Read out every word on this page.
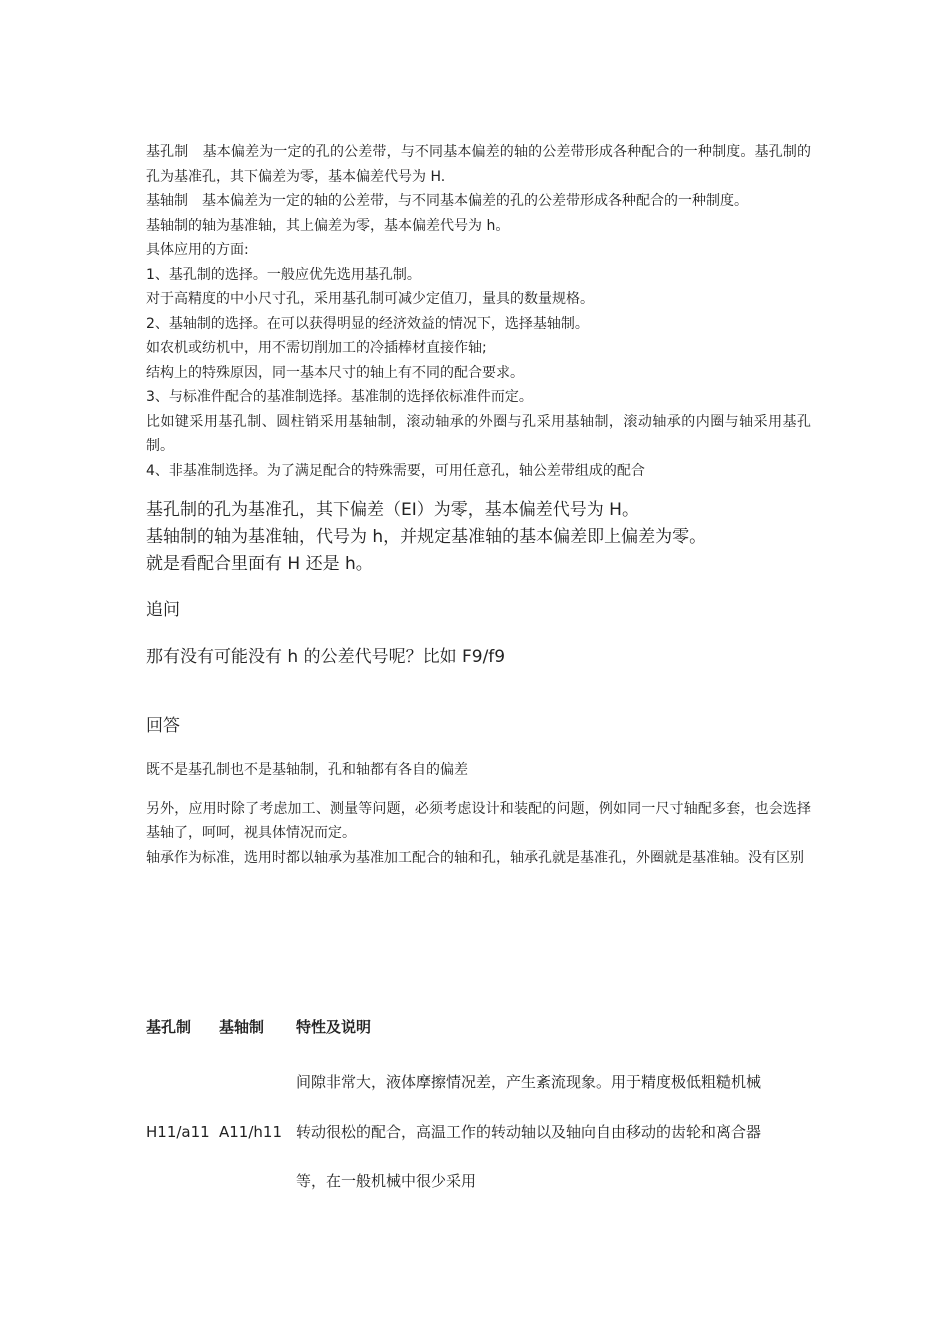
基孔制　基本偏差为一定的孔的公差带，与不同基本偏差的轴的公差带形成各种配合的一种制度。基孔制的孔为基准孔，其下偏差为零，基本偏差代号为 H.

基轴制　基本偏差为一定的轴的公差带，与不同基本偏差的孔的公差带形成各种配合的一种制度。

基轴制的轴为基准轴，其上偏差为零，基本偏差代号为 h。

具体应用的方面:

1、基孔制的选择。一般应优先选用基孔制。

对于高精度的中小尺寸孔，采用基孔制可减少定值刀，量具的数量规格。

2、基轴制的选择。在可以获得明显的经济效益的情况下，选择基轴制。

如农机或纺机中，用不需切削加工的冷插棒材直接作轴;

结构上的特殊原因，同一基本尺寸的轴上有不同的配合要求。

3、与标准件配合的基准制选择。基准制的选择依标准件而定。

比如键采用基孔制、圆柱销采用基轴制，滚动轴承的外圈与孔采用基轴制，滚动轴承的内圈与轴采用基孔制。

4、非基准制选择。为了满足配合的特殊需要，可用任意孔，轴公差带组成的配合

基孔制的孔为基准孔，其下偏差（EI）为零，基本偏差代号为 H。

基轴制的轴为基准轴，代号为 h，并规定基准轴的基本偏差即上偏差为零。

就是看配合里面有 H 还是 h。

追问

那有没有可能没有 h 的公差代号呢？比如 F9/f9

回答

既不是基孔制也不是基轴制，孔和轴都有各自的偏差

另外，应用时除了考虑加工、测量等问题，必须考虑设计和装配的问题，例如同一尺寸轴配多套，也会选择基轴了，呵呵，视具体情况而定。

轴承作为标准，选用时都以轴承为基准加工配合的轴和孔，轴承孔就是基准孔，外圈就是基准轴。没有区别

基孔制 基轴制 特性及说明
间隙非常大，液体摩擦情况差，产生紊流现象。用于精度极低粗糙机械
H11/a11 A11/h11 转动很松的配合，高温工作的转动轴以及轴向自由移动的齿轮和离合器
等，在一般机械中很少采用
